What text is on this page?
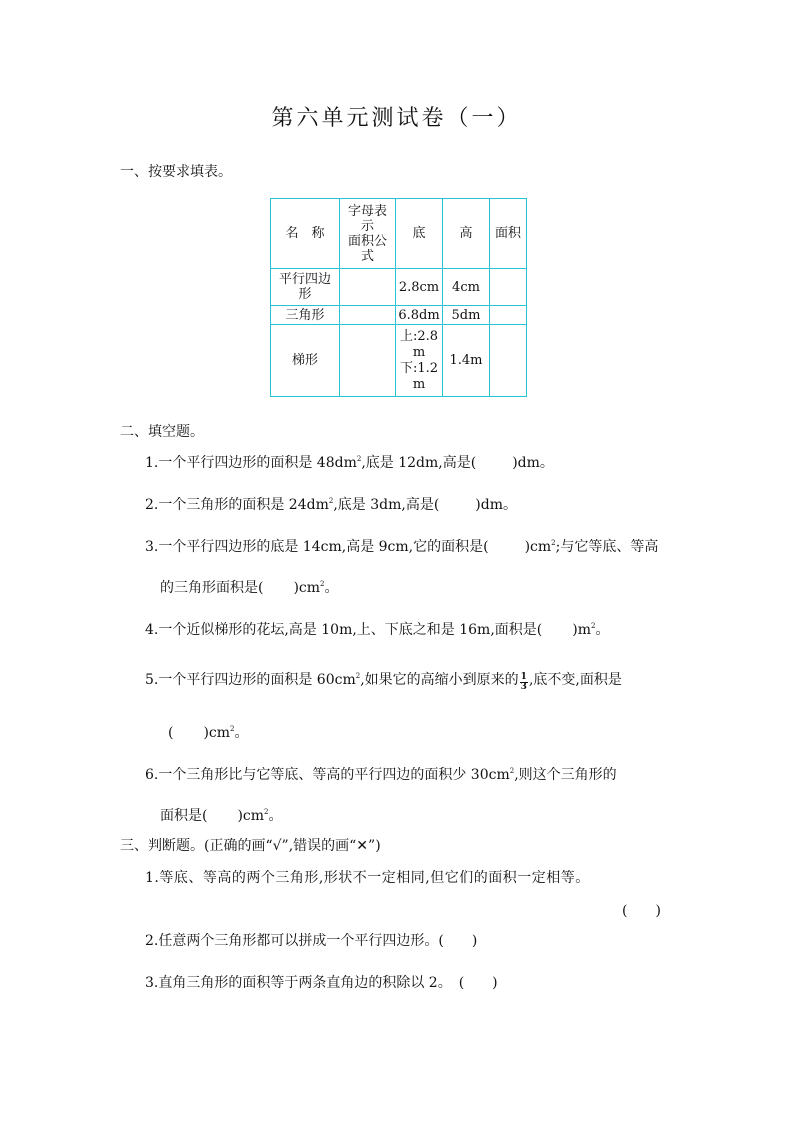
第六单元测试卷（一）
一、按要求填表。
名　称	字母表
示
面积公
式	底	高	面积

平行四边
形		2.8cm	4cm	
三角形		6.8dm	5dm	
梯形		上:2.8
m
下:1.2
m	1.4m	
二、填空题。
1.一个平行四边形的面积是 $48dm^2$,底是 12dm,高是(	)dm。
2.一个三角形的面积是 $24dm^2$,底是 3dm,高是(	)dm。
3.一个平行四边形的底是 14cm,高是 9cm,它的面积是(	)$cm^2$;与它等底、等高
的三角形面积是( )$cm^2$。
4.一个近似梯形的花坛,高是 10m,上、下底之和是 16m,面积是( )$m^2$。
5.一个平行四边形的面积是 $60cm^2$,如果它的高缩小到原来的 $\frac{1}{3}$ ,底不变,面积是
( )$cm^2$。
6.一个三角形比与它等底、等高的平行四边的面积少 $30cm^2$,则这个三角形的
面积是( )$cm^2$。
三、判断题。(正确的画“√”,错误的画“✕”)
1.等底、等高的两个三角形,形状不一定相同,但它们的面积一定相等。
(　　)
2.任意两个三角形都可以拼成一个平行四边形。(　　)
3.直角三角形的面积等于两条直角边的积除以 2。　(　　)
